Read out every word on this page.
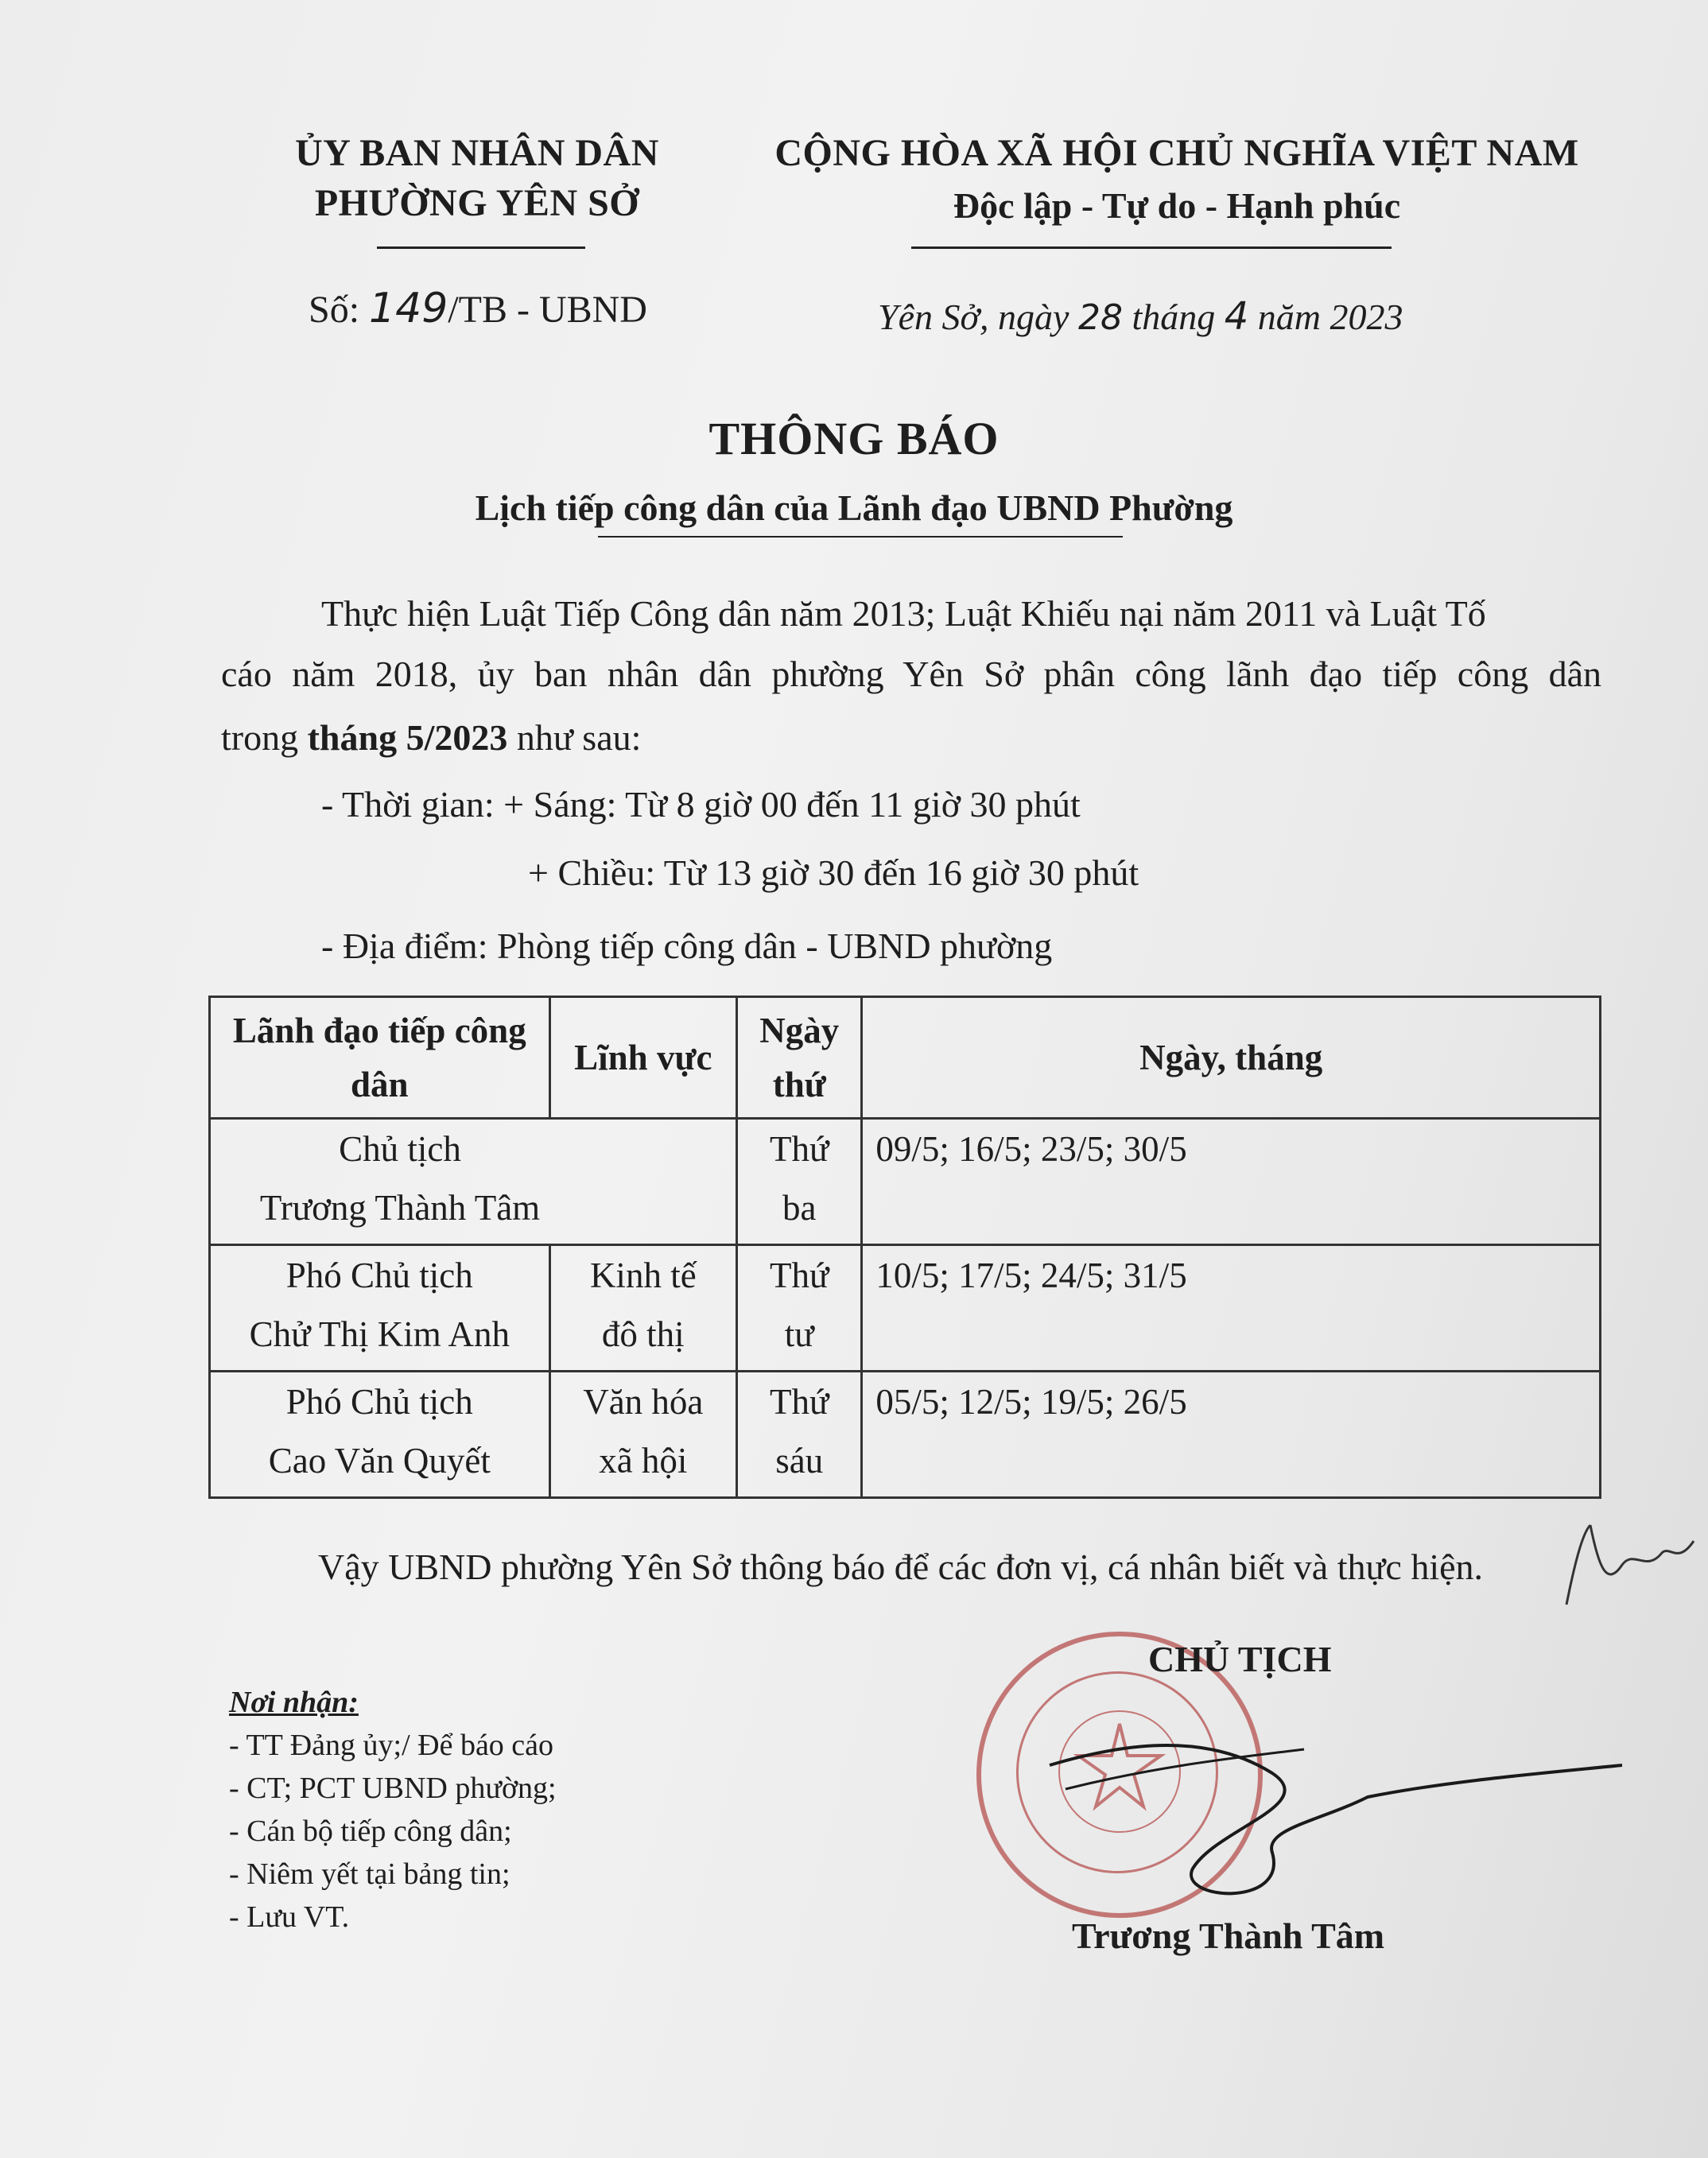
ỦY BAN NHÂN DÂN
PHƯỜNG YÊN SỞ
Số: 149/TB - UBND
CỘNG HÒA XÃ HỘI CHỦ NGHĨA VIỆT NAM
Độc lập - Tự do - Hạnh phúc
Yên Sở, ngày 28 tháng 4 năm 2023
THÔNG BÁO
Lịch tiếp công dân của Lãnh đạo UBND Phường
Thực hiện Luật Tiếp Công dân năm 2013; Luật Khiếu nại năm 2011 và Luật Tố
cáo năm 2018, ủy ban nhân dân phường Yên Sở phân công lãnh đạo tiếp công dân
trong tháng 5/2023 như sau:
- Thời gian: + Sáng: Từ 8 giờ 00 đến 11 giờ 30 phút
+ Chiều: Từ 13 giờ 30 đến 16 giờ 30 phút
- Địa điểm: Phòng tiếp công dân - UBND phường
Lãnh đạo tiếp công dân	Lĩnh vực	Ngày thứ	Ngày, tháng

Chủ tịch
Trương Thành Tâm		Thứ ba	09/5; 16/5; 23/5; 30/5

Phó Chủ tịch
Chử Thị Kim Anh	Kinh tế đô thị	Thứ tư	10/5; 17/5; 24/5; 31/5

Phó Chủ tịch
Cao Văn Quyết	Văn hóa xã hội	Thứ sáu	05/5; 12/5; 19/5; 26/5
Vậy UBND phường Yên Sở thông báo để các đơn vị, cá nhân biết và thực hiện.
Nơi nhận:
- TT Đảng ủy;/ Để báo cáo
- CT; PCT UBND phường;
- Cán bộ tiếp công dân;
- Niêm yết tại bảng tin;
- Lưu VT.
CHỦ TỊCH
Trương Thành Tâm
